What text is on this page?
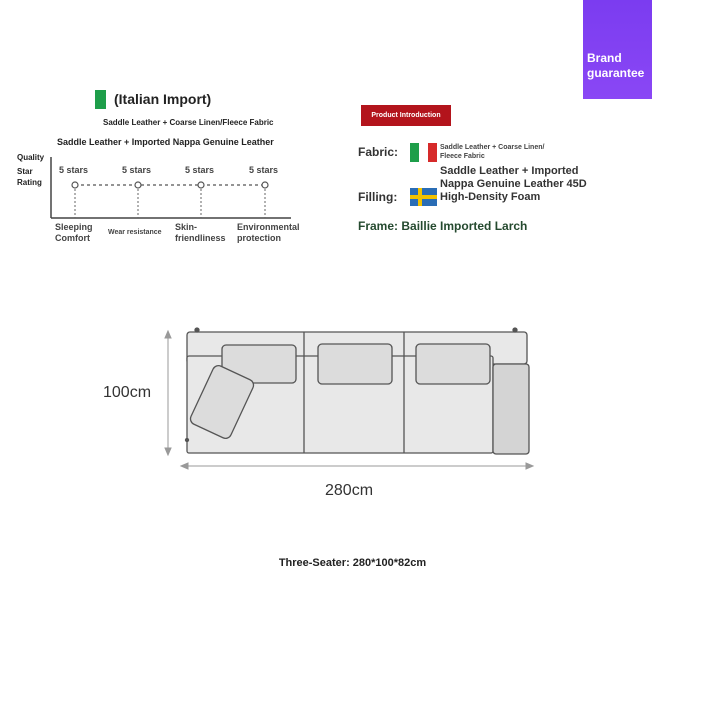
Brand
guarantee
(Italian Import)
Saddle Leather + Coarse Linen/Fleece Fabric
Saddle Leather + Imported Nappa Genuine Leather
Quality
Star
Rating
5 stars
Sleeping
Comfort
5 stars
Wear resistance
5 stars
Skin-
friendliness
5 stars
Environmental
protection
Product Introduction
Fabric:	Saddle Leather + Coarse Linen/
Fleece Fabric
Saddle Leather + Imported
Nappa Genuine Leather 45D
Filling:	High-Density Foam
Frame: Baillie Imported Larch
100cm
280cm
Three-Seater: 280*100*82cm
